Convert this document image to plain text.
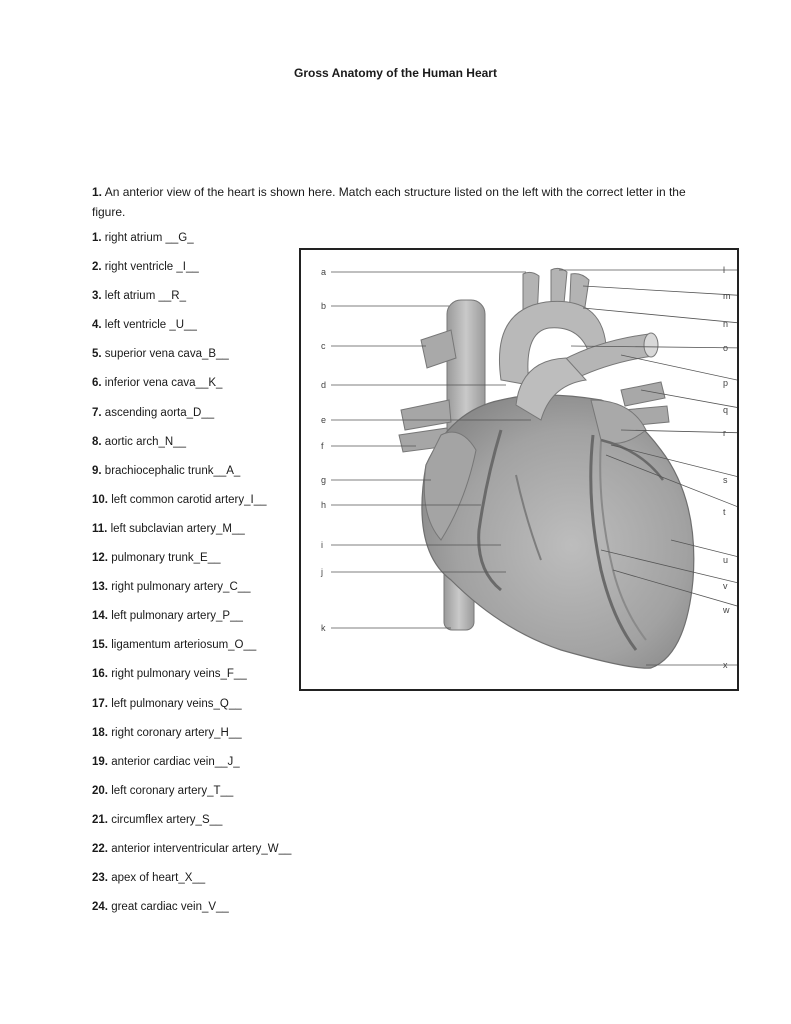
Gross Anatomy of the Human Heart
1. An anterior view of the heart is shown here. Match each structure listed on the left with the correct letter in the figure.
1. right atrium __G_
2. right ventricle _I__
3. left atrium __R_
4. left ventricle _U__
5. superior vena cava_B__
6. inferior vena cava__K_
7. ascending aorta_D__
8. aortic arch_N__
9. brachiocephalic trunk__A_
10. left common carotid artery_I__
11. left subclavian artery_M__
12. pulmonary trunk_E__
13. right pulmonary artery_C__
14. left pulmonary artery_P__
15. ligamentum arteriosum_O__
16. right pulmonary veins_F__
17. left pulmonary veins_Q__
18. right coronary artery_H__
19. anterior cardiac vein__J_
20. left coronary artery_T__
21. circumflex artery_S__
22. anterior interventricular artery_W__
23. apex of heart_X__
24. great cardiac vein_V__
a
b
c
d
e
f
g
h
i
j
k
l
m
n
o
p
q
r
s
t
u
v
w
x
